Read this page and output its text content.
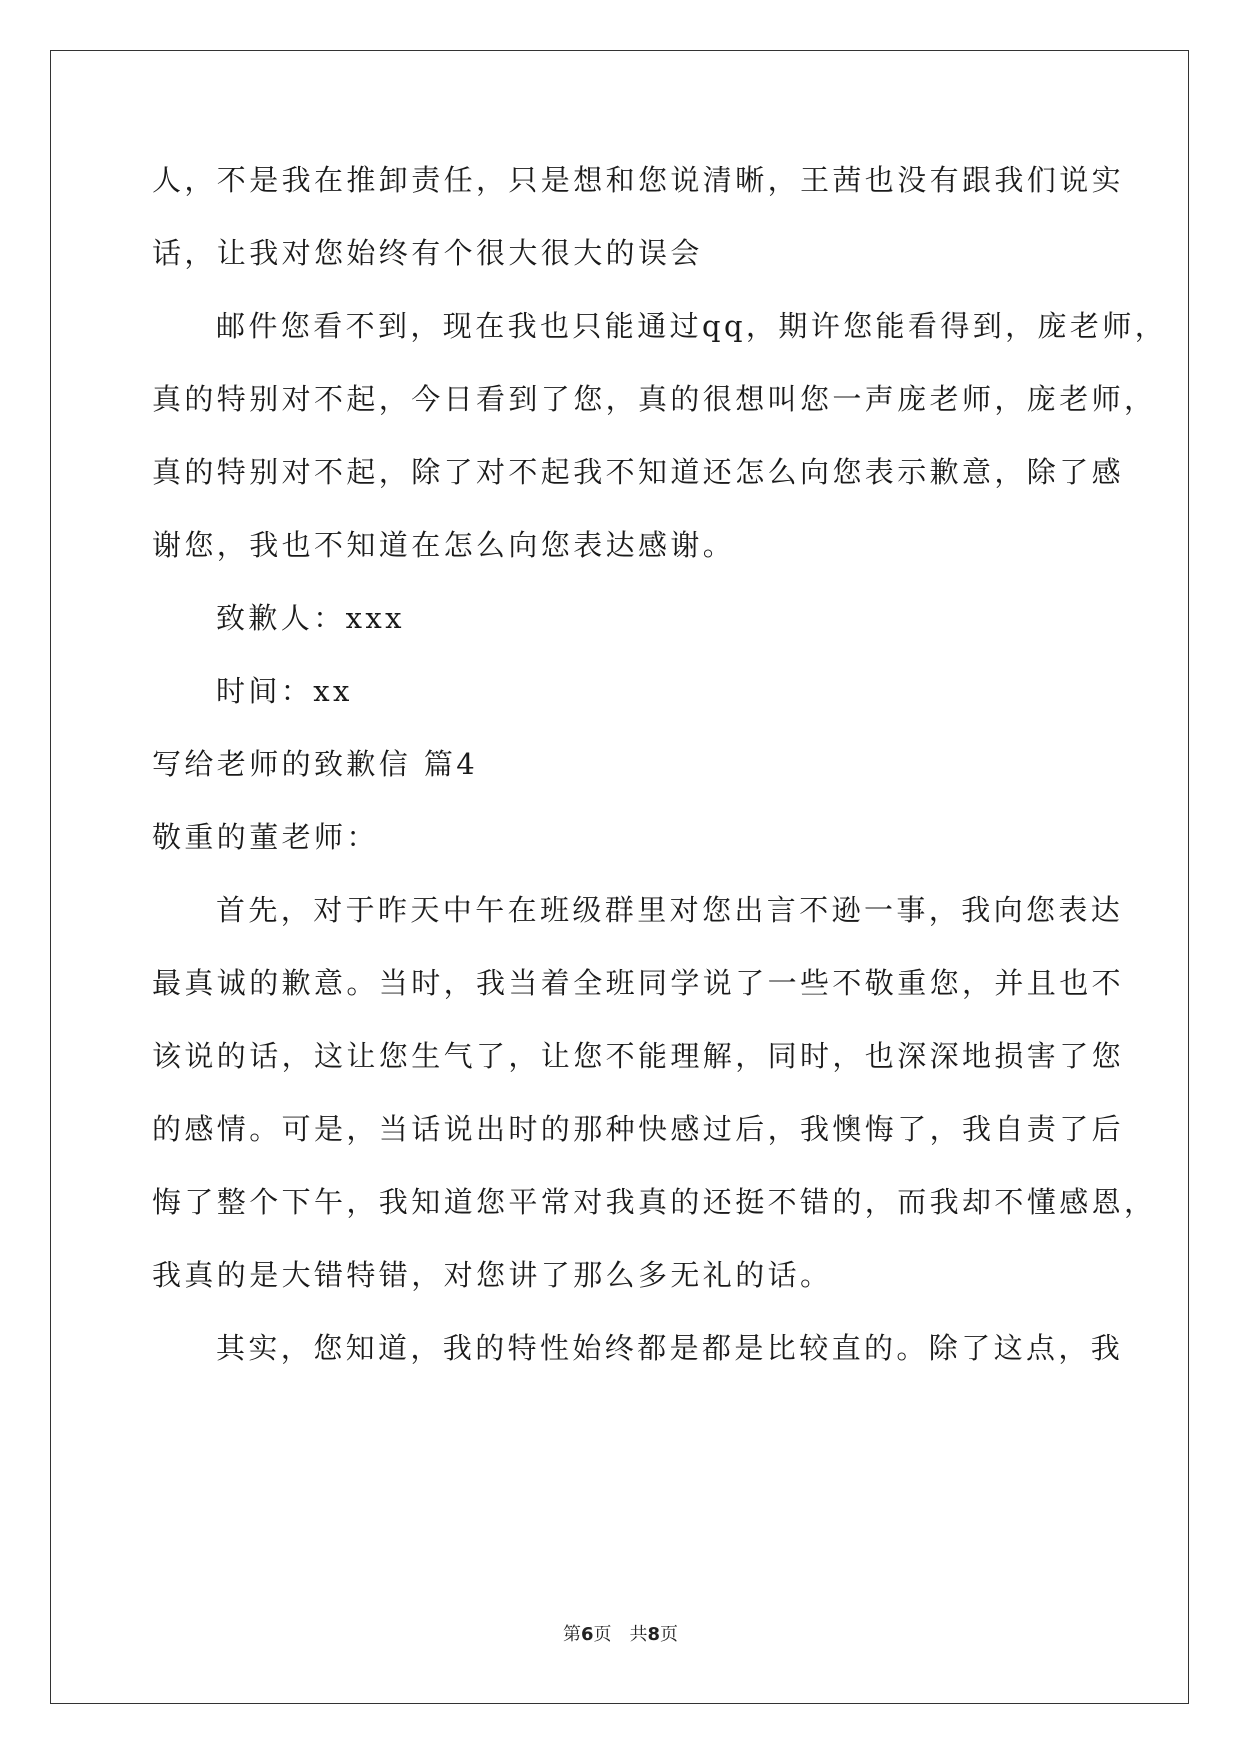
人，不是我在推卸责任，只是想和您说清晰，王茜也没有跟我们说实
话，让我对您始终有个很大很大的误会
邮件您看不到，现在我也只能通过qq，期许您能看得到，庞老师，
真的特别对不起，今日看到了您，真的很想叫您一声庞老师，庞老师，
真的特别对不起，除了对不起我不知道还怎么向您表示歉意，除了感
谢您，我也不知道在怎么向您表达感谢。
致歉人：xxx
时间：xx
写给老师的致歉信 篇4
敬重的董老师：
首先，对于昨天中午在班级群里对您出言不逊一事，我向您表达
最真诚的歉意。当时，我当着全班同学说了一些不敬重您，并且也不
该说的话，这让您生气了，让您不能理解，同时，也深深地损害了您
的感情。可是，当话说出时的那种快感过后，我懊悔了，我自责了后
悔了整个下午，我知道您平常对我真的还挺不错的，而我却不懂感恩，
我真的是大错特错，对您讲了那么多无礼的话。
其实，您知道，我的特性始终都是都是比较直的。除了这点，我
第6页　共8页
